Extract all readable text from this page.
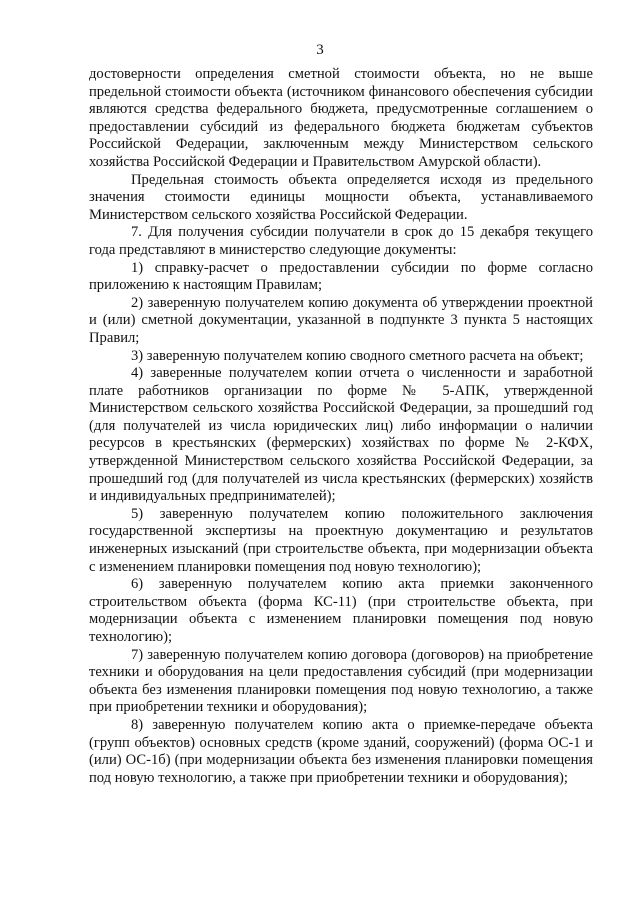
3

достоверности определения сметной стоимости объекта, но не выше предельной стоимости объекта (источником финансового обеспечения субсидии являются средства федерального бюджета, предусмотренные соглашением о предоставлении субсидий из федерального бюджета бюджетам субъектов Российской Федерации, заключенным между Министерством сельского хозяйства Российской Федерации и Правительством Амурской области).

Предельная стоимость объекта определяется исходя из предельного значения стоимости единицы мощности объекта, устанавливаемого Министерством сельского хозяйства Российской Федерации.

7. Для получения субсидии получатели в срок до 15 декабря текущего года представляют в министерство следующие документы:

1) справку-расчет о предоставлении субсидии по форме согласно приложению к настоящим Правилам;

2) заверенную получателем копию документа об утверждении проектной и (или) сметной документации, указанной в подпункте 3 пункта 5 настоящих Правил;

3) заверенную получателем копию сводного сметного расчета на объект;

4) заверенные получателем копии отчета о численности и заработной плате работников организации по форме № 5-АПК, утвержденной Министерством сельского хозяйства Российской Федерации, за прошедший год (для получателей из числа юридических лиц) либо информации о наличии ресурсов в крестьянских (фермерских) хозяйствах по форме № 2-КФХ, утвержденной Министерством сельского хозяйства Российской Федерации, за прошедший год (для получателей из числа крестьянских (фермерских) хозяйств и индивидуальных предпринимателей);

5) заверенную получателем копию положительного заключения государственной экспертизы на проектную документацию и результатов инженерных изысканий (при строительстве объекта, при модернизации объекта с изменением планировки помещения под новую технологию);

6) заверенную получателем копию акта приемки законченного строительством объекта (форма КС-11) (при строительстве объекта, при модернизации объекта с изменением планировки помещения под новую технологию);

7) заверенную получателем копию договора (договоров) на приобретение техники и оборудования на цели предоставления субсидий (при модернизации объекта без изменения планировки помещения под новую технологию, а также при приобретении техники и оборудования);

8) заверенную получателем копию акта о приемке-передаче объекта (групп объектов) основных средств (кроме зданий, сооружений) (форма ОС-1 и (или) ОС-1б) (при модернизации объекта без изменения планировки помещения под новую технологию, а также при приобретении техники и оборудования);
